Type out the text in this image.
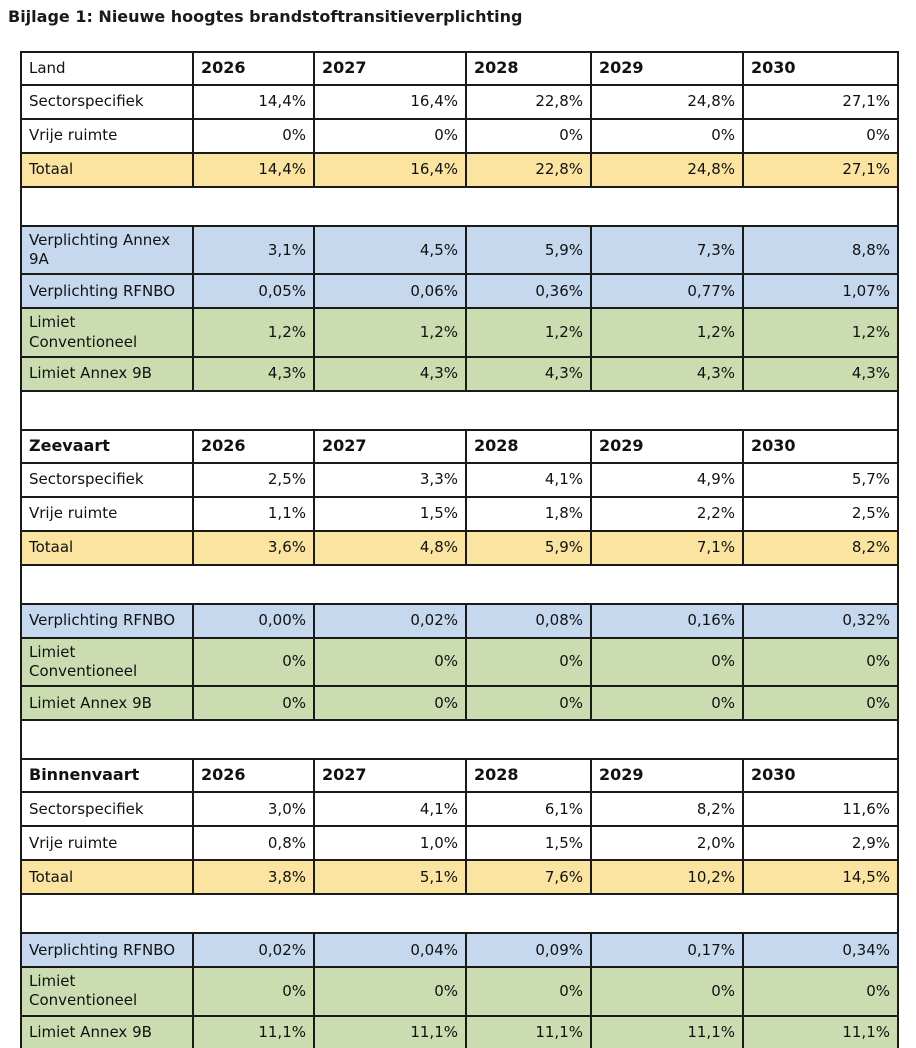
Bijlage 1: Nieuwe hoogtes brandstoftransitieverplichting
Land	2026	2027	2028	2029	2030
Sectorspecifiek	14,4%	16,4%	22,8%	24,8%	27,1%
Vrije ruimte	0%	0%	0%	0%	0%
Totaal	14,4%	16,4%	22,8%	24,8%	27,1%

Verplichting Annex 9A	3,1%	4,5%	5,9%	7,3%	8,8%
Verplichting RFNBO	0,05%	0,06%	0,36%	0,77%	1,07%
Limiet Conventioneel	1,2%	1,2%	1,2%	1,2%	1,2%
Limiet Annex 9B	4,3%	4,3%	4,3%	4,3%	4,3%

Zeevaart	2026	2027	2028	2029	2030
Sectorspecifiek	2,5%	3,3%	4,1%	4,9%	5,7%
Vrije ruimte	1,1%	1,5%	1,8%	2,2%	2,5%
Totaal	3,6%	4,8%	5,9%	7,1%	8,2%

Verplichting RFNBO	0,00%	0,02%	0,08%	0,16%	0,32%
Limiet Conventioneel	0%	0%	0%	0%	0%
Limiet Annex 9B	0%	0%	0%	0%	0%

Binnenvaart	2026	2027	2028	2029	2030
Sectorspecifiek	3,0%	4,1%	6,1%	8,2%	11,6%
Vrije ruimte	0,8%	1,0%	1,5%	2,0%	2,9%
Totaal	3,8%	5,1%	7,6%	10,2%	14,5%

Verplichting RFNBO	0,02%	0,04%	0,09%	0,17%	0,34%
Limiet Conventioneel	0%	0%	0%	0%	0%
Limiet Annex 9B	11,1%	11,1%	11,1%	11,1%	11,1%
